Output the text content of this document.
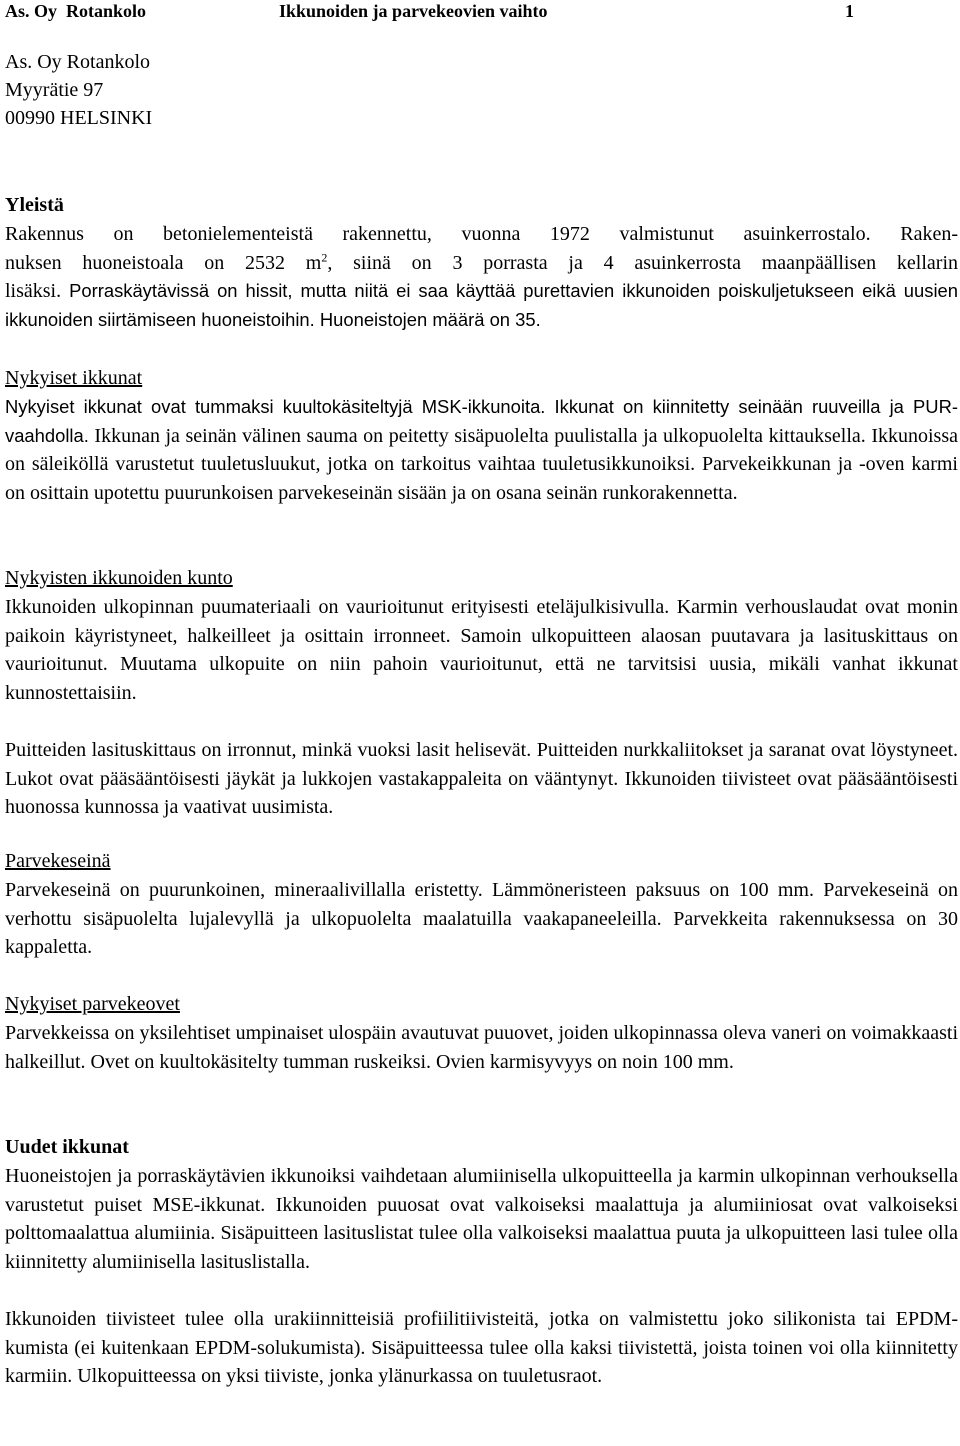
As. Oy  Rotankolo	Ikkunoiden ja parvekeovien vaihto	1
As. Oy Rotankolo
Myyrätie 97
00990 HELSINKI
Yleistä

Rakennus on betonielementeistä rakennettu, vuonna 1972 valmistunut asuinkerrostalo. Raken-

nuksen huoneistoala on 2532 $m^2$, siinä on 3 porrasta ja 4 asuinkerrosta maanpäällisen kellarin

lisäksi. Porraskäytävissä on hissit, mutta niitä ei saa käyttää purettavien ikkunoiden poiskuljetukseen eikä uusien ikkunoiden siirtämiseen huoneistoihin. Huoneistojen määrä on 35.

Nykyiset ikkunat

Nykyiset ikkunat ovat tummaksi kuultokäsiteltyjä MSK-ikkunoita. Ikkunat on kiinnitetty seinään ruuveilla ja PUR-vaahdolla. Ikkunan ja seinän välinen sauma on peitetty sisäpuolelta puulistalla ja ulkopuolelta kittauksella. Ikkunoissa on säleiköllä varustetut tuuletusluukut, jotka on tarkoitus vaihtaa tuuletusikkunoiksi. Parvekeikkunan ja -oven karmi on osittain upotettu puurunkoisen parvekeseinän sisään ja on osana seinän runkorakennetta.

Nykyisten ikkunoiden kunto

Ikkunoiden ulkopinnan puumateriaali on vaurioitunut erityisesti eteläjulkisivulla. Karmin verhouslaudat ovat monin paikoin käyristyneet, halkeilleet ja osittain irronneet. Samoin ulkopuitteen alaosan puutavara ja lasituskittaus on vaurioitunut. Muutama ulkopuite on niin pahoin vaurioitunut, että ne tarvitsisi uusia, mikäli vanhat ikkunat kunnostettaisiin.

Puitteiden lasituskittaus on irronnut, minkä vuoksi lasit helisevät. Puitteiden nurkkaliitokset ja saranat ovat löystyneet. Lukot ovat pääsääntöisesti jäykät ja lukkojen vastakappaleita on vääntynyt. Ikkunoiden tiivisteet ovat pääsääntöisesti huonossa kunnossa ja vaativat uusimista.

Parvekeseinä

Parvekeseinä on puurunkoinen, mineraalivillalla eristetty. Lämmöneristeen paksuus on 100 mm. Parvekeseinä on verhottu sisäpuolelta lujalevyllä ja ulkopuolelta maalatuilla vaakapaneeleilla. Parvekkeita rakennuksessa on 30 kappaletta.

Nykyiset parvekeovet

Parvekkeissa on yksilehtiset umpinaiset ulospäin avautuvat puuovet, joiden ulkopinnassa oleva vaneri on voimakkaasti halkeillut. Ovet on kuultokäsitelty tumman ruskeiksi. Ovien karmisyvyys on noin 100 mm.

Uudet ikkunat

Huoneistojen ja porraskäytävien ikkunoiksi vaihdetaan alumiinisella ulkopuitteella ja karmin ulkopinnan verhouksella varustetut puiset MSE-ikkunat. Ikkunoiden puuosat ovat valkoiseksi maalattuja ja alumiiniosat ovat valkoiseksi polttomaalattua alumiinia. Sisäpuitteen lasituslistat tulee olla valkoiseksi maalattua puuta ja ulkopuitteen lasi tulee olla kiinnitetty alumiinisella lasituslistalla.

Ikkunoiden tiivisteet tulee olla urakiinnitteisiä profiilitiivisteitä, jotka on valmistettu joko silikonista tai EPDM-kumista (ei kuitenkaan EPDM-solukumista). Sisäpuitteessa tulee olla kaksi tiivistettä, joista toinen voi olla kiinnitetty karmiin. Ulkopuitteessa on yksi tiiviste, jonka ylänurkassa on tuuletusraot.
